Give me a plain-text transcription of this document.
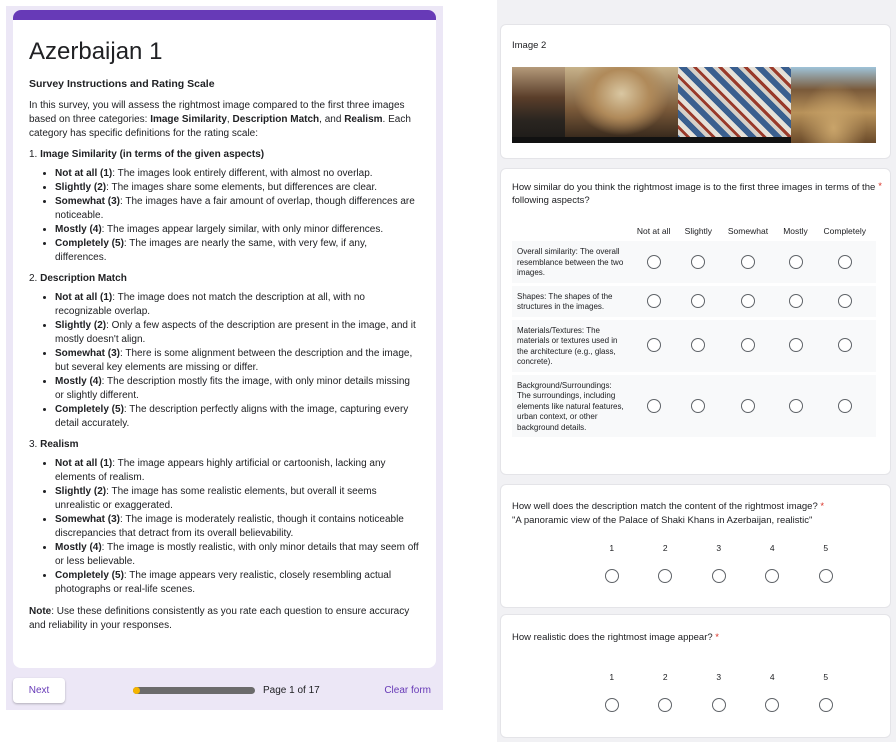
Azerbaijan 1
Survey Instructions and Rating Scale
In this survey, you will assess the rightmost image compared to the first three images based on three categories: Image Similarity, Description Match, and Realism. Each category has specific definitions for the rating scale:
1. Image Similarity (in terms of the given aspects)
• Not at all (1): The images look entirely different, with almost no overlap.
• Slightly (2): The images share some elements, but differences are clear.
• Somewhat (3): The images have a fair amount of overlap, though differences are noticeable.
• Mostly (4): The images appear largely similar, with only minor differences.
• Completely (5): The images are nearly the same, with very few, if any, differences.
2. Description Match
• Not at all (1): The image does not match the description at all, with no recognizable overlap.
• Slightly (2): Only a few aspects of the description are present in the image, and it mostly doesn't align.
• Somewhat (3): There is some alignment between the description and the image, but several key elements are missing or differ.
• Mostly (4): The description mostly fits the image, with only minor details missing or slightly different.
• Completely (5): The description perfectly aligns with the image, capturing every detail accurately.
3. Realism
• Not at all (1): The image appears highly artificial or cartoonish, lacking any elements of realism.
• Slightly (2): The image has some realistic elements, but overall it seems unrealistic or exaggerated.
• Somewhat (3): The image is moderately realistic, though it contains noticeable discrepancies that detract from its overall believability.
• Mostly (4): The image is mostly realistic, with only minor details that may seem off or less believable.
• Completely (5): The image appears very realistic, closely resembling actual photographs or real-life scenes.
Note: Use these definitions consistently as you rate each question to ensure accuracy and reliability in your responses.
Next	Page 1 of 17	Clear form
Image 2
How similar do you think the rightmost image is to the first three images in terms of the following aspects?
*
	Not at all	Slightly	Somewhat	Mostly	Completely
Overall similarity: The overall resemblance between the two images.					
Shapes: The shapes of the structures in the images.					
Materials/Textures: The materials or textures used in the architecture (e.g., glass, concrete).					
Background/Surroundings: The surroundings, including elements like natural features, urban context, or other background details.					
How well does the description match the content of the rightmost image? *
"A panoramic view of the Palace of Shaki Khans in Azerbaijan, realistic"
1	2	3	4	5
How realistic does the rightmost image appear? *
1	2	3	4	5
